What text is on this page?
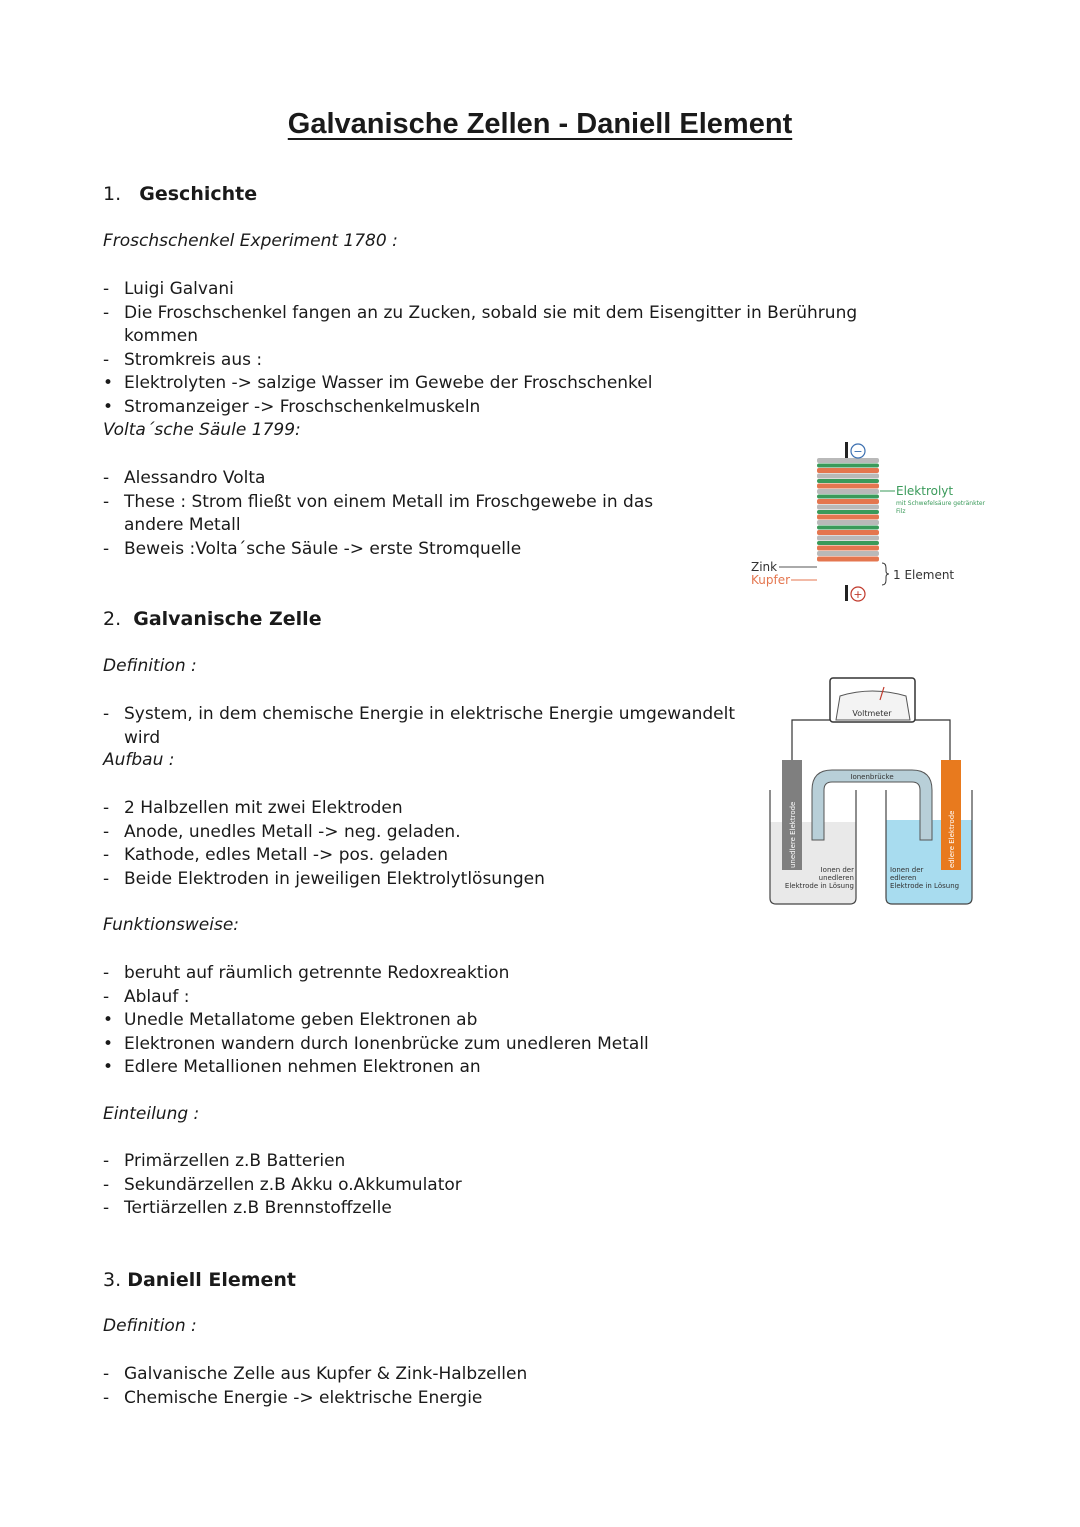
Galvanische Zellen - Daniell Element
1. Geschichte
Froschschenkel Experiment 1780 :
- Luigi Galvani
- Die Froschschenkel fangen an zu Zucken, sobald sie mit dem Eisengitter in Berührung kommen
- Stromkreis aus :
• Elektrolyten -> salzige Wasser im Gewebe der Froschschenkel
• Stromanzeiger -> Froschschenkelmuskeln
Volta´sche Säule 1799:
- Alessandro Volta
- These : Strom fließt von einem Metall im Froschgewebe in das andere Metall
- Beweis :Volta´sche Säule -> erste Stromquelle
2. Galvanische Zelle
Definition :
- System, in dem chemische Energie in elektrische Energie umgewandelt wird
Aufbau :
- 2 Halbzellen mit zwei Elektroden
- Anode, unedles Metall -> neg. geladen.
- Kathode, edles Metall -> pos. geladen
- Beide Elektroden in jeweiligen Elektrolytlösungen
Funktionsweise:
- beruht auf räumlich getrennte Redoxreaktion
- Ablauf :
• Unedle Metallatome geben Elektronen ab
• Elektronen wandern durch Ionenbrücke zum unedleren Metall
• Edlere Metallionen nehmen Elektronen an
Einteilung :
- Primärzellen z.B Batterien
- Sekundärzellen z.B Akku o.Akkumulator
- Tertiärzellen z.B Brennstoffzelle
3. Daniell Element
Definition :
- Galvanische Zelle aus Kupfer & Zink-Halbzellen
- Chemische Energie -> elektrische Energie
−
+
Elektrolyt
mit Schwefelsäure getränkter
Filz
Zink
Kupfer	1 Element
Voltmeter
Ionenbrücke
unedlere Elektrode	edlere Elektrode
Ionen der
unedleren
Elektrode in Lösung
Ionen der
edleren
Elektrode in Lösung
